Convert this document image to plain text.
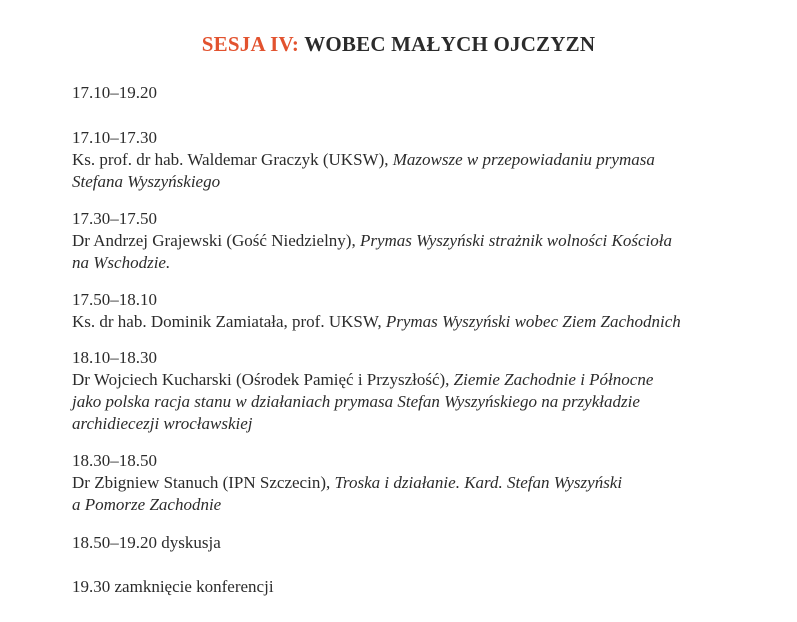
SESJA IV: WOBEC MAŁYCH OJCZYZN
17.10–19.20
17.10–17.30
Ks. prof. dr hab. Waldemar Graczyk (UKSW), Mazowsze w przepowiadaniu prymasa
Stefana Wyszyńskiego
17.30–17.50
Dr Andrzej Grajewski (Gość Niedzielny), Prymas Wyszyński strażnik wolności Kościoła
na Wschodzie.
17.50–18.10
Ks. dr hab. Dominik Zamiatała, prof. UKSW, Prymas Wyszyński wobec Ziem Zachodnich
18.10–18.30
Dr Wojciech Kucharski (Ośrodek Pamięć i Przyszłość), Ziemie Zachodnie i Północne
jako polska racja stanu w działaniach prymasa Stefan Wyszyńskiego na przykładzie
archidiecezji wrocławskiej
18.30–18.50
Dr Zbigniew Stanuch (IPN Szczecin), Troska i działanie. Kard. Stefan Wyszyński
a Pomorze Zachodnie
18.50–19.20 dyskusja
19.30 zamknięcie konferencji
